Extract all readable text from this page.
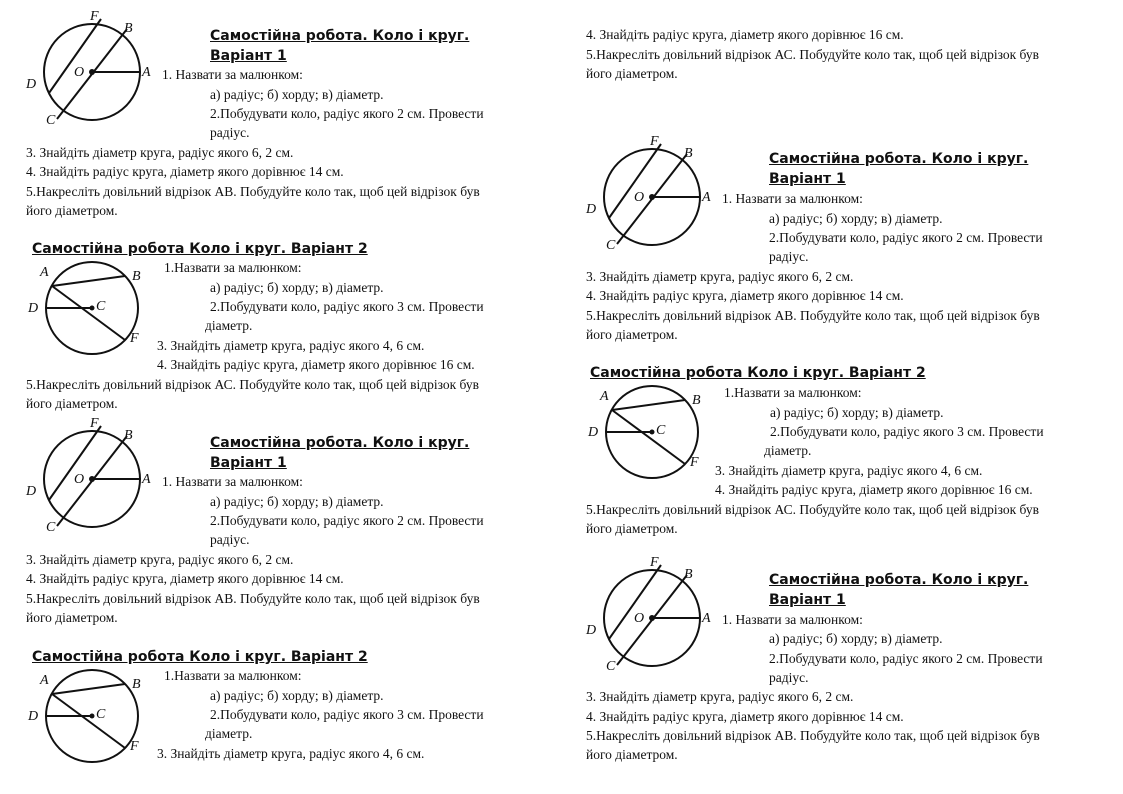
F
B
O	A
D
C
Самостійна робота. Коло і круг.
Варіант 1
1. Назвати за малюнком:
а) радіус; б) хорду; в) діаметр.
2.Побудувати коло, радіус якого 2 см. Провести
радіус.
3. Знайдіть діаметр круга, радіус якого 6, 2 см.
4. Знайдіть радіус круга, діаметр якого дорівнює 14 см.
5.Накресліть довільний відрізок АВ. Побудуйте коло так, щоб цей відрізок був
його діаметром.
Самостійна робота Коло і круг. Варіант 2
A	B
D	C
F
1.Назвати за малюнком:
а) радіус; б) хорду; в) діаметр.
2.Побудувати коло, радіус якого 3 см. Провести
діаметр.
3. Знайдіть діаметр круга, радіус якого 4, 6 см.
4. Знайдіть радіус круга, діаметр якого дорівнює 16 см.
5.Накресліть довільний відрізок АС. Побудуйте коло так, щоб цей відрізок був
його діаметром.
F
B
O	A
D
C
Самостійна робота. Коло і круг.
Варіант 1
1. Назвати за малюнком:
а) радіус; б) хорду; в) діаметр.
2.Побудувати коло, радіус якого 2 см. Провести
радіус.
3. Знайдіть діаметр круга, радіус якого 6, 2 см.
4. Знайдіть радіус круга, діаметр якого дорівнює 14 см.
5.Накресліть довільний відрізок АВ. Побудуйте коло так, щоб цей відрізок був
його діаметром.
Самостійна робота Коло і круг. Варіант 2
A	B
D	C
F
1.Назвати за малюнком:
а) радіус; б) хорду; в) діаметр.
2.Побудувати коло, радіус якого 3 см. Провести
діаметр.
3. Знайдіть діаметр круга, радіус якого 4, 6 см.
4. Знайдіть радіус круга, діаметр якого дорівнює 16 см.
5.Накресліть довільний відрізок АС. Побудуйте коло так, щоб цей відрізок був
його діаметром.
F
B
O	A
D
C
Самостійна робота. Коло і круг.
Варіант 1
1. Назвати за малюнком:
а) радіус; б) хорду; в) діаметр.
2.Побудувати коло, радіус якого 2 см. Провести
радіус.
3. Знайдіть діаметр круга, радіус якого 6, 2 см.
4. Знайдіть радіус круга, діаметр якого дорівнює 14 см.
5.Накресліть довільний відрізок АВ. Побудуйте коло так, щоб цей відрізок був
його діаметром.
Самостійна робота Коло і круг. Варіант 2
A	B
D	C
F
1.Назвати за малюнком:
а) радіус; б) хорду; в) діаметр.
2.Побудувати коло, радіус якого 3 см. Провести
діаметр.
3. Знайдіть діаметр круга, радіус якого 4, 6 см.
4. Знайдіть радіус круга, діаметр якого дорівнює 16 см.
5.Накресліть довільний відрізок АС. Побудуйте коло так, щоб цей відрізок був
його діаметром.
F
B
O	A
D
C
Самостійна робота. Коло і круг.
Варіант 1
1. Назвати за малюнком:
а) радіус; б) хорду; в) діаметр.
2.Побудувати коло, радіус якого 2 см. Провести
радіус.
3. Знайдіть діаметр круга, радіус якого 6, 2 см.
4. Знайдіть радіус круга, діаметр якого дорівнює 14 см.
5.Накресліть довільний відрізок АВ. Побудуйте коло так, щоб цей відрізок був
його діаметром.
